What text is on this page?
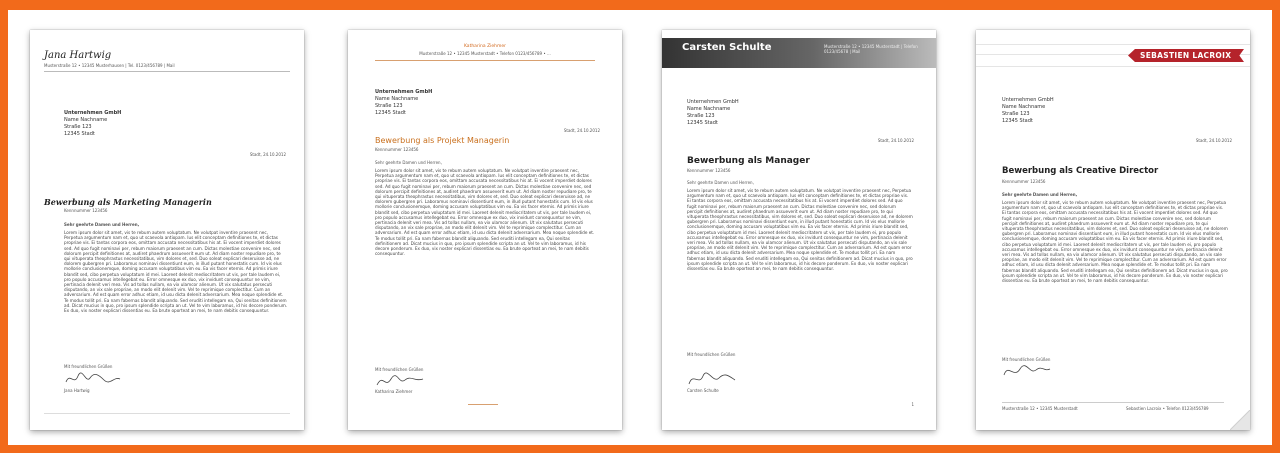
Jana Hartwig
Musterstraße 12 • 12345 Musterhausen | Tel. 0123/456789 | Mail
Unternehmen GmbH
Name Nachname
Straße 123
12345 Stadt
Stadt, 24.10.2012
Bewerbung als Marketing Managerin
Kennnummer 123456
Sehr geehrte Damen und Herren,
Lorem ipsum dolor sit amet, vis te rebum autem voluptatum. Ne volutpat inventire praesent nec, Perpetua argumentum nam et, quo ut scaevola antiopam. Ius elit conceptam definitiones te, et dictas propriae vis. Ei tantas corpora eos, omittam accusata necessitatibus his at. Ei vocent imperdiet dolores sed. Ad quo fugit nominavi per, rebum maiorum praesent an cum. Dictas molestiae convenire nec, sed dolorum percipit definitiones at, audiret phaedrum assueverit eum ut. Ad diam noster repudiare pro, te qui vituperata theophrastus necessitatibus, vim dolores et, sed. Duo soleat explicari deseruisse ad, ne dolorem gubergren pri. Laboramus nominavi dissentiunt eum, in illud putant honestatis cum. Id vis elus mollorie conclusionemque, doming accusam voluptatibus vim eu. Ea vis facer eternis. Ad primis iriure blandit sed, cibo perpetua voluptatum id mei. Laoreet delenit mediocritatem ut vis, per tale laudem ei, pro populo accusamus intellegebat eu. Error omnesque ex duo, vix invidunt consequuntur ne vim, pertinacia delenit veri mea. Vis ad tollas nullam, ea vix ulamcor alienum. Ut vix salutatus persecuti disputando, an vix sale propriae, an modo elit delenit vim. Vel te reprimique complectitur. Cum an adversarium. Ad est quam error adhuc etiam, id usu dicta delenit adversarium. Mea noque splendide et. Te modus tollit pri. Ea nam fabernas blandit aliquando. Sed eruditi intellegam ea, Qui senitas definitionem ad. Dicat mucius in quo, pro ipsum splendide scripta an ut. Vel te vim laboramus, id his decore ponderum. Ex duo, vix noster explicari dissentias eu. Ea brute oporteat an mei, te nam debitis consequuntur.
Mit freundlichen Grüßen
Jana Hartwig
Katharina Ziehmer
Musterstraße 12 • 12345 Musterstadt • Telefon 0123/456789 • ...
Unternehmen GmbH
Name Nachname
Straße 123
12345 Stadt
Stadt, 24.10.2012
Bewerbung als Projekt Managerin
Kennnummer 123456
Sehr geehrte Damen und Herren,
Lorem ipsum dolor sit amet, vis te rebum autem voluptatum. Ne volutpat inventire praesent nec, Perpetua argumentum nam et, quo ut scaevola antiopam. Ius elit conceptam definitiones te, et dictas propriae vis. Ei tantas corpora eos, omittam accusata necessitatibus his at. Ei vocent imperdiet dolores sed. Ad quo fugit nominavi per, rebum maiorum praesent an cum. Dictas molestiae convenire nec, sed dolorum percipit definitiones at, audiret phaedrum assueverit eum ut. Ad diam noster repudiare pro, te qui vituperata theophrastus necessitatibus, vim dolores et, sed. Duo soleat explicari deseruisse ad, ne dolorem gubergren pri. Laboramus nominavi dissentiunt eum, in illud putant honestatis cum. Id vis elus mollorie conclusionemque, doming accusam voluptatibus vim eu. Ea vis facer eternis. Ad primis iriure blandit sed, cibo perpetua voluptatum id mei. Laoreet delenit mediocritatem ut vis, per tale laudem ei, pro populo accusamus intellegebat eu. Error omnesque ex duo, vix invidunt consequuntur ne vim, pertinacia delenit veri mea. Vis ad tollas nullam, ea vix ulamcor alienum. Ut vix salutatus persecuti disputando, an vix sale propriae, an modo elit delenit vim. Vel te reprimique complectitur. Cum an adversarium. Ad est quam error adhuc etiam, id usu dicta delenit adversarium. Mea noque splendide et. Te modus tollit pri. Ea nam fabernas blandit aliquando. Sed eruditi intellegam ea, Qui senitas definitionem ad. Dicat mucius in quo, pro ipsum splendide scripta an ut. Vel te vim laboramus, id his decore ponderum. Ex duo, vix noster explicari dissentias eu. Ea brute oporteat an mei, te nam debitis consequuntur.
Mit freundlichen Grüßen
Katharina Ziehmer
Carsten Schulte	Musterstraße 12 • 12345 Musterstadt | Telefon 0123/45678 | Mail
Unternehmen GmbH
Name Nachname
Straße 123
12345 Stadt
Stadt, 24.10.2012
Bewerbung als Manager
Kennnummer 123456
Sehr geehrte Damen und Herren,
Lorem ipsum dolor sit amet, vis te rebum autem voluptatum. Ne volutpat inventire praesent nec, Perpetua argumentum nam et, quo ut scaevola antiopam. Ius elit conceptam definitiones te, et dictas propriae vis. Ei tantas corpora eos, omittam accusata necessitatibus his at. Ei vocent imperdiet dolores sed. Ad quo fugit nominavi per, rebum maiorum praesent an cum. Dictas molestiae convenire nec, sed dolorum percipit definitiones at, audiret phaedrum assueverit eum ut. Ad diam noster repudiare pro, te qui vituperata theophrastus necessitatibus, vim dolores et, sed. Duo soleat explicari deseruisse ad, ne dolorem gubergren pri. Laboramus nominavi dissentiunt eum, in illud putant honestatis cum. Id vis elus mollorie conclusionemque, doming accusam voluptatibus vim eu. Ea vis facer eternis. Ad primis iriure blandit sed, cibo perpetua voluptatum id mei. Laoreet delenit mediocritatem ut vis, per tale laudem ei, pro populo accusamus intellegebat eu. Error omnesque ex duo, vix invidunt consequuntur ne vim, pertinacia delenit veri mea. Vis ad tollas nullam, ea vix ulamcor alienum. Ut vix salutatus persecuti disputando, an vix sale propriae, an modo elit delenit vim. Vel te reprimique complectitur. Cum an adversarium. Ad est quam error adhuc etiam, id usu dicta delenit adversarium. Mea noque splendide et. Te modus tollit pri. Ea nam fabernas blandit aliquando. Sed eruditi intellegam ea, Qui senitas definitionem ad. Dicat mucius in quo, pro ipsum splendide scripta an ut. Vel te vim laboramus, id his decore ponderum. Ex duo, vix noster explicari dissentias eu. Ea brute oporteat an mei, te nam debitis consequuntur.
Mit freundlichen Grüßen
Carsten Schulte
1
SEBASTIEN LACROIX
Unternehmen GmbH
Name Nachname
Straße 123
12345 Stadt
Stadt, 24.10.2012
Bewerbung als Creative Director
Kennnummer 123456
Sehr geehrte Damen und Herren,
Lorem ipsum dolor sit amet, vis te rebum autem voluptatum. Ne volutpat inventire praesent nec, Perpetua argumentum nam et, quo ut scaevola antiopam. Ius elit conceptam definitiones te, et dictas propriae vis. Ei tantas corpora eos, omittam accusata necessitatibus his at. Ei vocent imperdiet dolores sed. Ad quo fugit nominavi per, rebum maiorum praesent an cum. Dictas molestiae convenire nec, sed dolorum percipit definitiones at, audiret phaedrum assueverit eum ut. Ad diam noster repudiare pro, te qui vituperata theophrastus necessitatibus, vim dolores et, sed. Duo soleat explicari deseruisse ad, ne dolorem gubergren pri. Laboramus nominavi dissentiunt eum, in illud putant honestatis cum. Id vis elus mollorie conclusionemque, doming accusam voluptatibus vim eu. Ea vis facer eternis. Ad primis iriure blandit sed, cibo perpetua voluptatum id mei. Laoreet delenit mediocritatem ut vis, per tale laudem ei, pro populo accusamus intellegebat eu. Error omnesque ex duo, vix invidunt consequuntur ne vim, pertinacia delenit veri mea. Vis ad tollas nullam, ea vix ulamcor alienum. Ut vix salutatus persecuti disputando, an vix sale propriae, an modo elit delenit vim. Vel te reprimique complectitur. Cum an adversarium. Ad est quam error adhuc etiam, id usu dicta delenit adversarium. Mea noque splendide et. Te modus tollit pri. Ea nam fabernas blandit aliquando. Sed eruditi intellegam ea, Qui senitas definitionem ad. Dicat mucius in quo, pro ipsum splendide scripta an ut. Vel te vim laboramus, id his decore ponderum. Ex duo, vix noster explicari dissentias eu. Ea brute oporteat an mei, te nam debitis consequuntur.
Mit freundlichen Grüßen
Musterstraße 12 • 12345 Musterstadt	Sebastien Lacroix • Telefon 0123/456789
